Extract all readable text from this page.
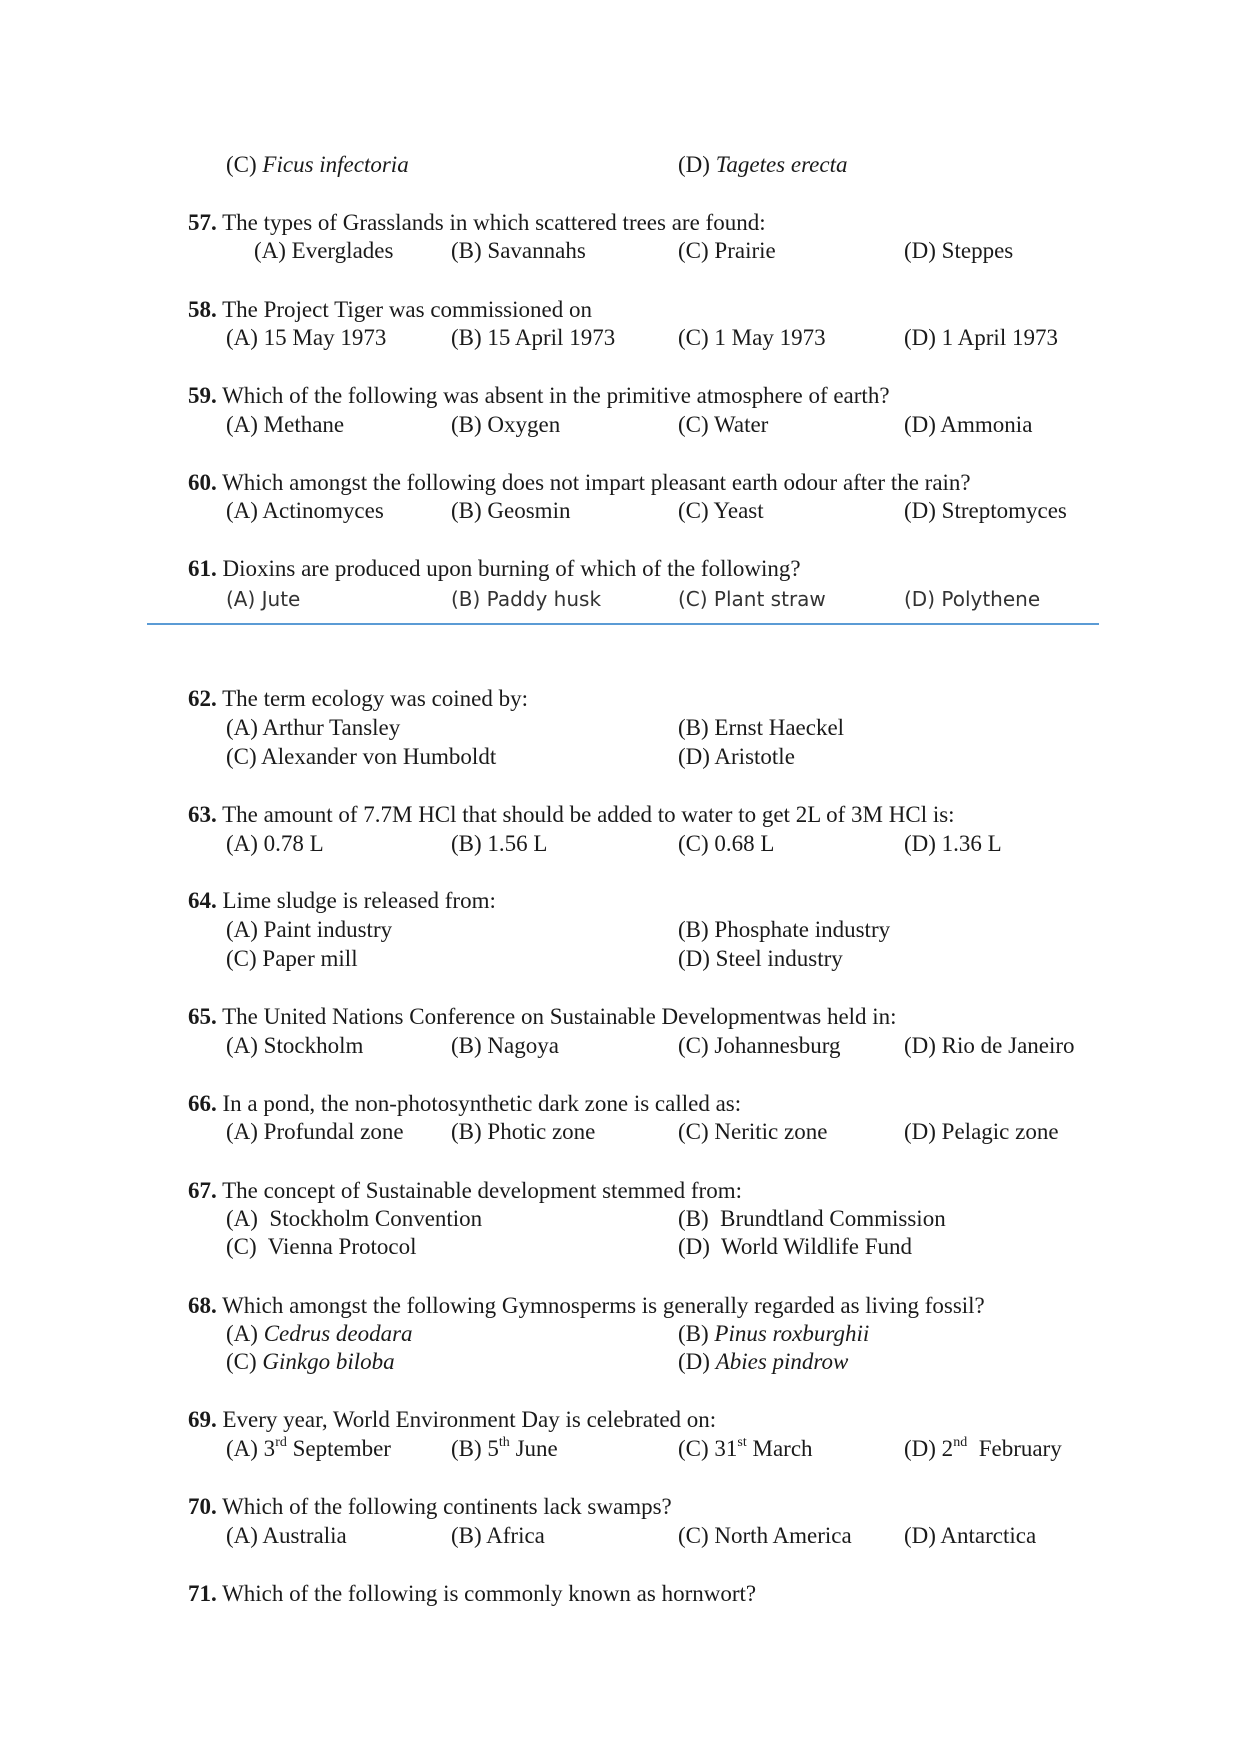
(C) Ficus infectoria	(D) Tagetes erecta
57. The types of Grasslands in which scattered trees are found:
(A) Everglades	(B) Savannahs	(C) Prairie	(D) Steppes
58. The Project Tiger was commissioned on
(A) 15 May 1973	(B) 15 April 1973	(C) 1 May 1973	(D) 1 April 1973
59. Which of the following was absent in the primitive atmosphere of earth?
(A) Methane	(B) Oxygen	(C) Water	(D) Ammonia
60. Which amongst the following does not impart pleasant earth odour after the rain?
(A) Actinomyces	(B) Geosmin	(C) Yeast	(D) Streptomyces
61. Dioxins are produced upon burning of which of the following?
(A) Jute	(B) Paddy husk	(C) Plant straw	(D) Polythene
62. The term ecology was coined by:
(A) Arthur Tansley	(B) Ernst Haeckel
(C) Alexander von Humboldt	(D) Aristotle
63. The amount of 7.7M HCl that should be added to water to get 2L of 3M HCl is:
(A) 0.78 L	(B) 1.56 L	(C) 0.68 L	(D) 1.36 L
64. Lime sludge is released from:
(A) Paint industry	(B) Phosphate industry
(C) Paper mill	(D) Steel industry
65. The United Nations Conference on Sustainable Developmentwas held in:
(A) Stockholm	(B) Nagoya	(C) Johannesburg	(D) Rio de Janeiro
66. In a pond, the non-photosynthetic dark zone is called as:
(A) Profundal zone (B) Photic zone	(C) Neritic zone	(D) Pelagic zone
67. The concept of Sustainable development stemmed from:
(A)  Stockholm Convention	(B)  Brundtland Commission
(C)  Vienna Protocol	(D)  World Wildlife Fund
68. Which amongst the following Gymnosperms is generally regarded as living fossil?
(A) Cedrus deodara	(B) Pinus roxburghii
(C) Ginkgo biloba	(D) Abies pindrow
69. Every year, World Environment Day is celebrated on:
(A) 3rd September	(B) 5th June	(C) 31st March	(D) 2nd  February
70. Which of the following continents lack swamps?
(A) Australia	(B) Africa	(C) North America (D) Antarctica
71. Which of the following is commonly known as hornwort?
